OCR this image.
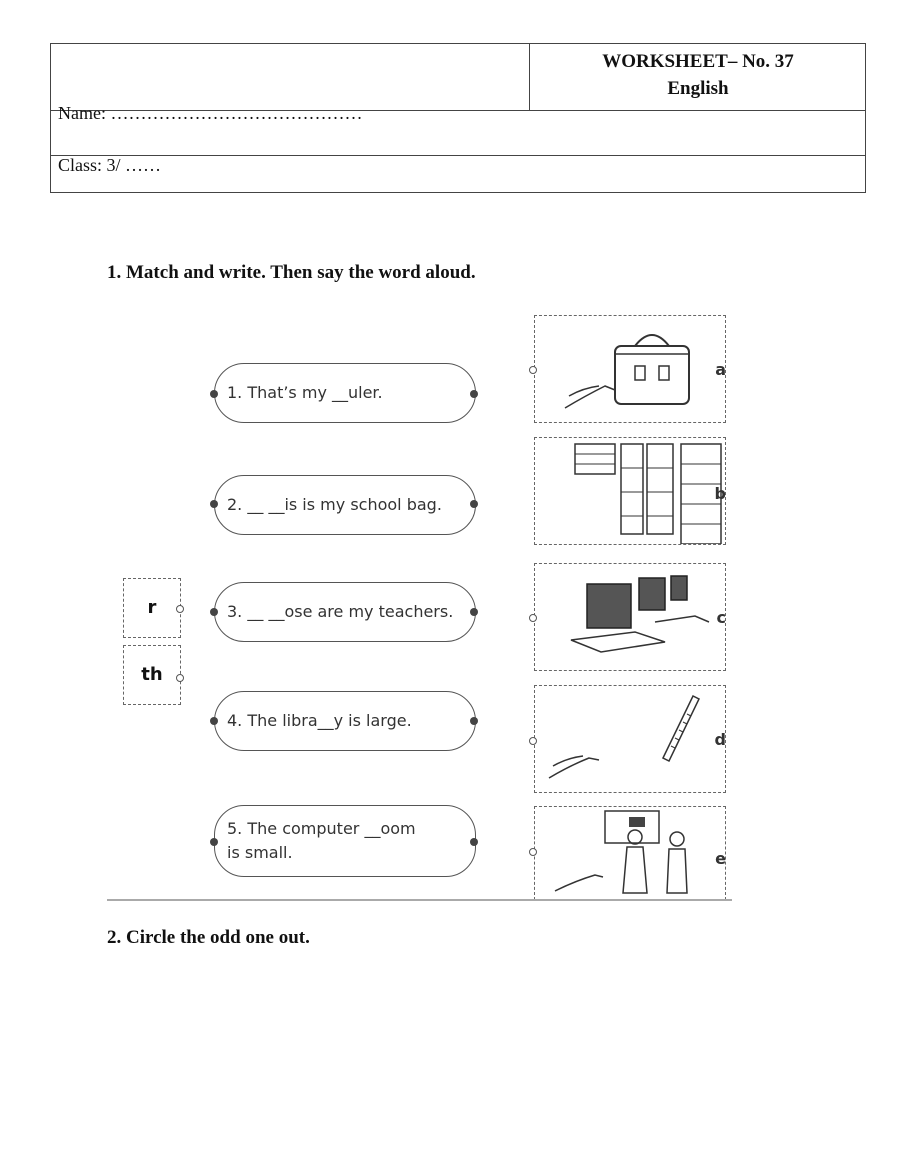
WORKSHEET– No. 37
English
Name: ……………………………………
Class: 3/ ……
1. Match and write. Then say the word aloud.
1. That’s my __uler.
2. __ __is is my school bag.
3. __ __ose are my teachers.
4. The libra__y is large.
5. The computer __oom
is small.
r
th
a
b
c
d
e
2. Circle the odd one out.
